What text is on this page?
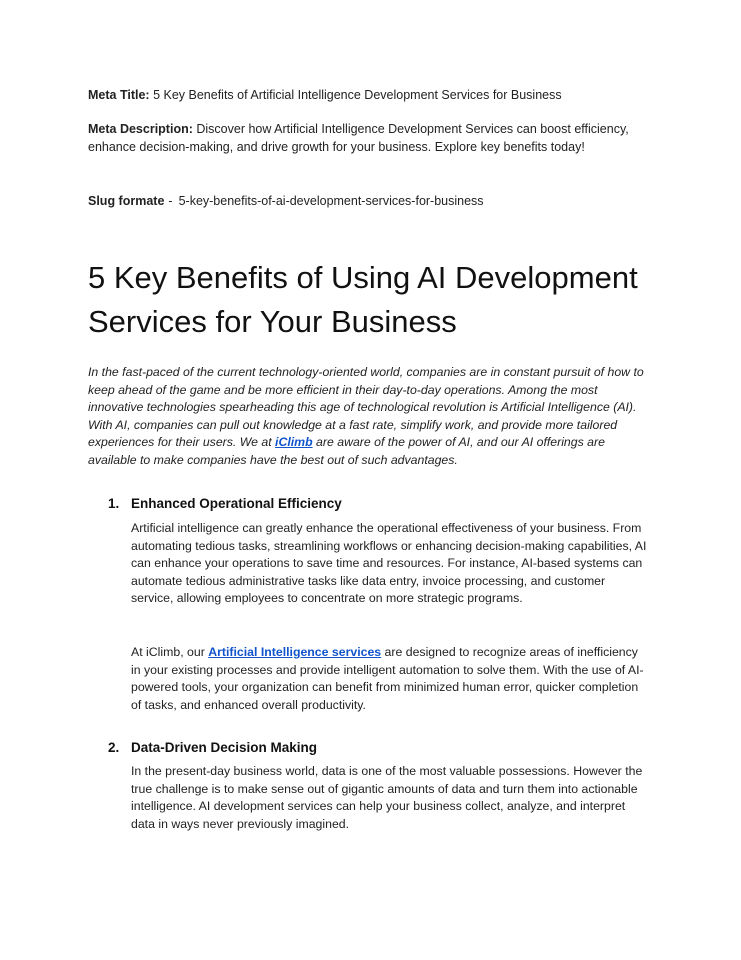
Meta Title: 5 Key Benefits of Artificial Intelligence Development Services for Business
Meta Description: Discover how Artificial Intelligence Development Services can boost efficiency, enhance decision-making, and drive growth for your business. Explore key benefits today!
Slug formate - 5-key-benefits-of-ai-development-services-for-business
5 Key Benefits of Using AI Development Services for Your Business

In the fast-paced of the current technology-oriented world, companies are in constant pursuit of how to keep ahead of the game and be more efficient in their day-to-day operations. Among the most innovative technologies spearheading this age of technological revolution is Artificial Intelligence (AI). With AI, companies can pull out knowledge at a fast rate, simplify work, and provide more tailored experiences for their users. We at iClimb are aware of the power of AI, and our AI offerings are available to make companies have the best out of such advantages.

1. Enhanced Operational Efficiency

Artificial intelligence can greatly enhance the operational effectiveness of your business. From automating tedious tasks, streamlining workflows or enhancing decision-making capabilities, AI can enhance your operations to save time and resources. For instance, AI-based systems can automate tedious administrative tasks like data entry, invoice processing, and customer service, allowing employees to concentrate on more strategic programs.

At iClimb, our Artificial Intelligence services are designed to recognize areas of inefficiency in your existing processes and provide intelligent automation to solve them. With the use of AI-powered tools, your organization can benefit from minimized human error, quicker completion of tasks, and enhanced overall productivity.

2. Data-Driven Decision Making

In the present-day business world, data is one of the most valuable possessions. However the true challenge is to make sense out of gigantic amounts of data and turn them into actionable intelligence. AI development services can help your business collect, analyze, and interpret data in ways never previously imagined.
